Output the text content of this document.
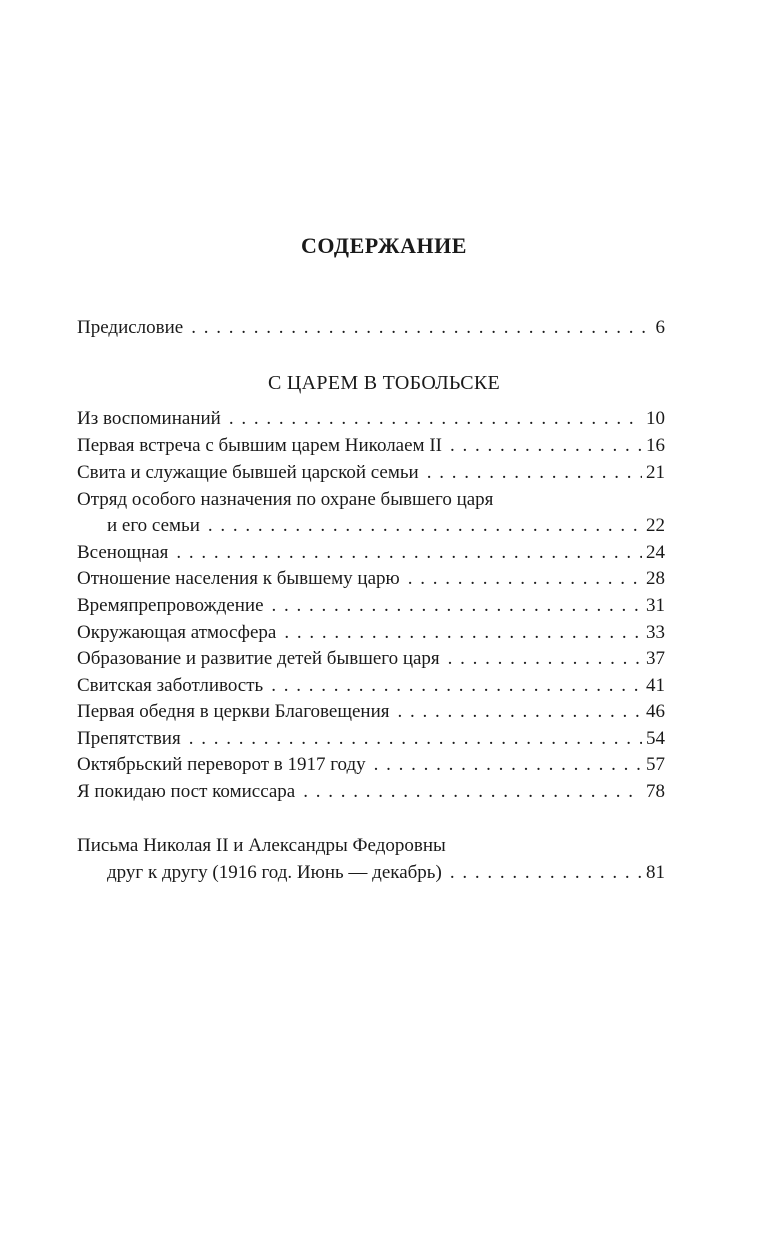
СОДЕРЖАНИЕ
Предисловие . . .	6
С ЦАРЕМ В ТОБОЛЬСКЕ
Из воспоминаний . . .	10
Первая встреча с бывшим царем Николаем II . . .	16
Свита и служащие бывшей царской семьи . . .	21
Отряд особого назначения по охране бывшего царя
и его семьи . . .	22
Всенощная . . .	24
Отношение населения к бывшему царю . . .	28
Времяпрепровождение . . .	31
Окружающая атмосфера . . .	33
Образование и развитие детей бывшего царя . . .	37
Свитская заботливость . . .	41
Первая обедня в церкви Благовещения . . .	46
Препятствия . . .	54
Октябрьский переворот в 1917 году . . .	57
Я покидаю пост комиссара . . .	78
Письма Николая II и Александры Федоровны
друг к другу (1916 год. Июнь — декабрь) . . .	81
